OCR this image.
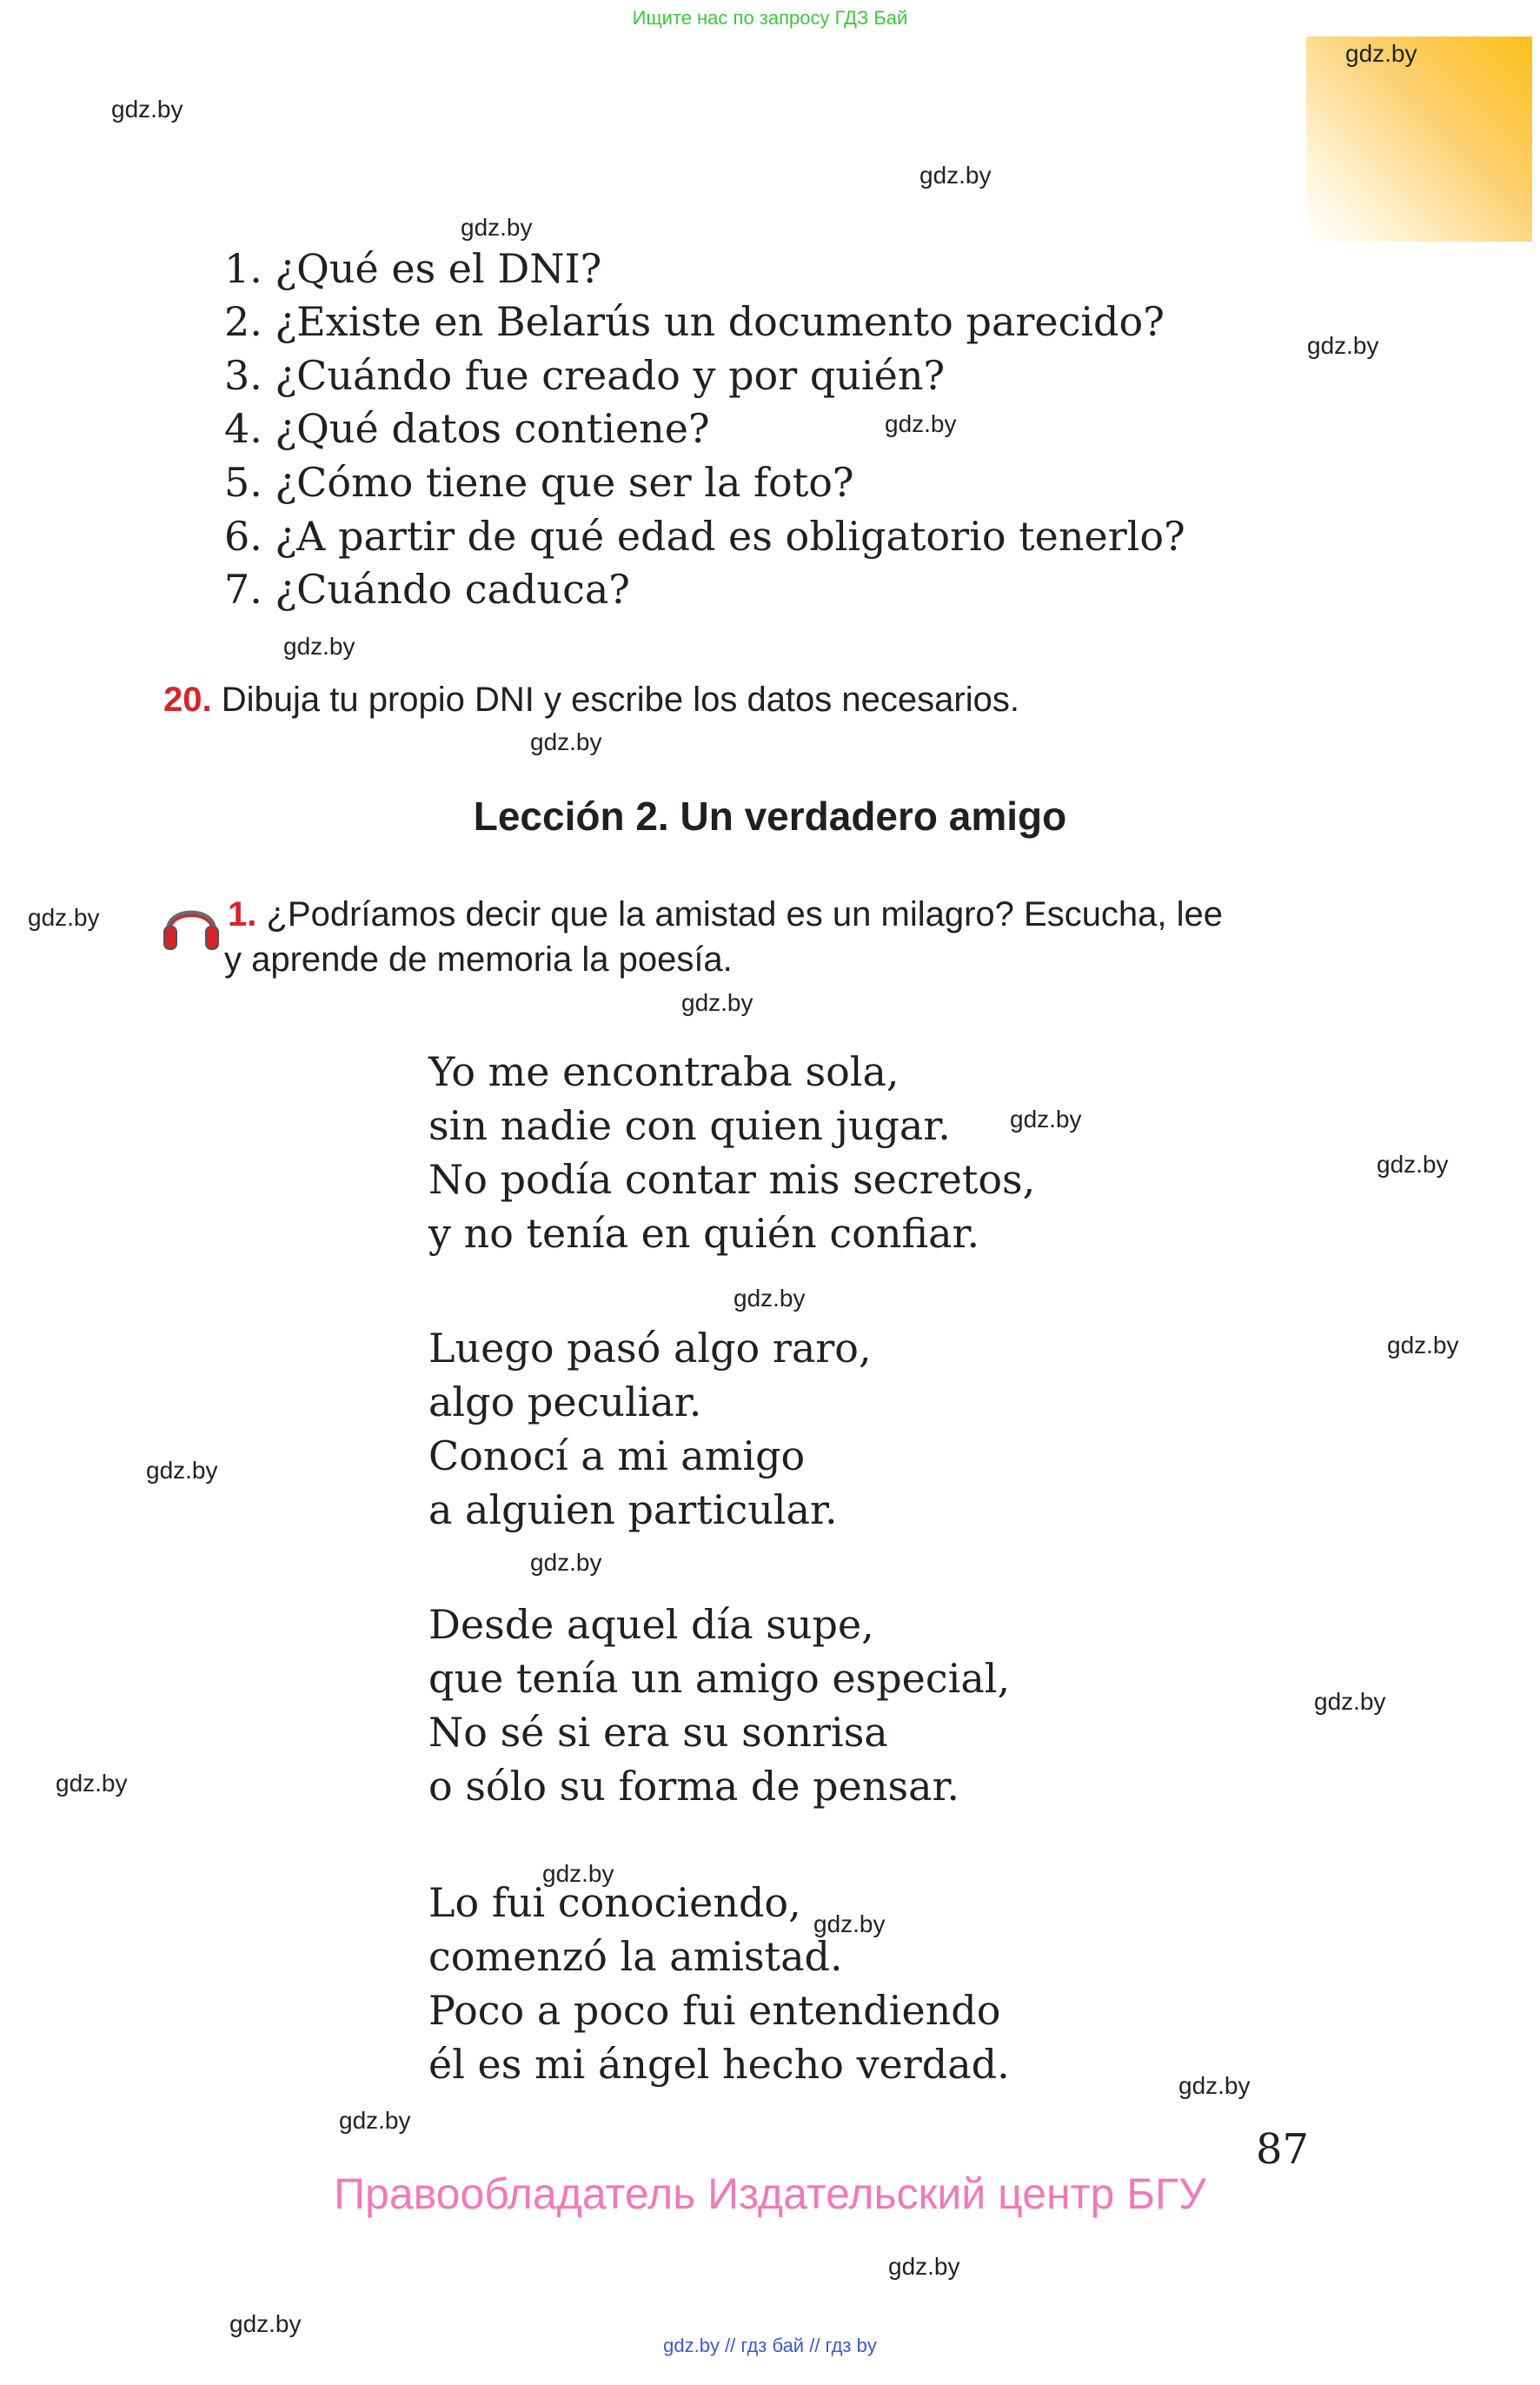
Ищите нас по запросу ГДЗ Бай
gdz.by
gdz.by
gdz.by
gdz.by
gdz.by
gdz.by
gdz.by
gdz.by
gdz.by
gdz.by
gdz.by
gdz.by
gdz.by
gdz.by
gdz.by
gdz.by
gdz.by
gdz.by
gdz.by
gdz.by
gdz.by
gdz.by
gdz.by
gdz.by
1. ¿Qué es el DNI?
2. ¿Existe en Belarús un documento parecido?
3. ¿Cuándo fue creado y por quién?
4. ¿Qué datos contiene?
5. ¿Cómo tiene que ser la foto?
6. ¿A partir de qué edad es obligatorio tenerlo?
7. ¿Cuándo caduca?
20. Dibuja tu propio DNI y escribe los datos necesarios.
Lección 2. Un verdadero amigo
1. ¿Podríamos decir que la amistad es un milagro? Escucha, lee
y aprende de memoria la poesía.
Yo me encontraba sola,
sin nadie con quien jugar.
No podía contar mis secretos,
y no tenía en quién confiar.
Luego pasó algo raro,
algo peculiar.
Conocí a mi amigo
a alguien particular.
Desde aquel día supe,
que tenía un amigo especial,
No sé si era su sonrisa
o sólo su forma de pensar.
Lo fui conociendo,
comenzó la amistad.
Poco a poco fui entendiendo
él es mi ángel hecho verdad.
87
Правообладатель Издательский центр БГУ
gdz.by // гдз бай // гдз by
